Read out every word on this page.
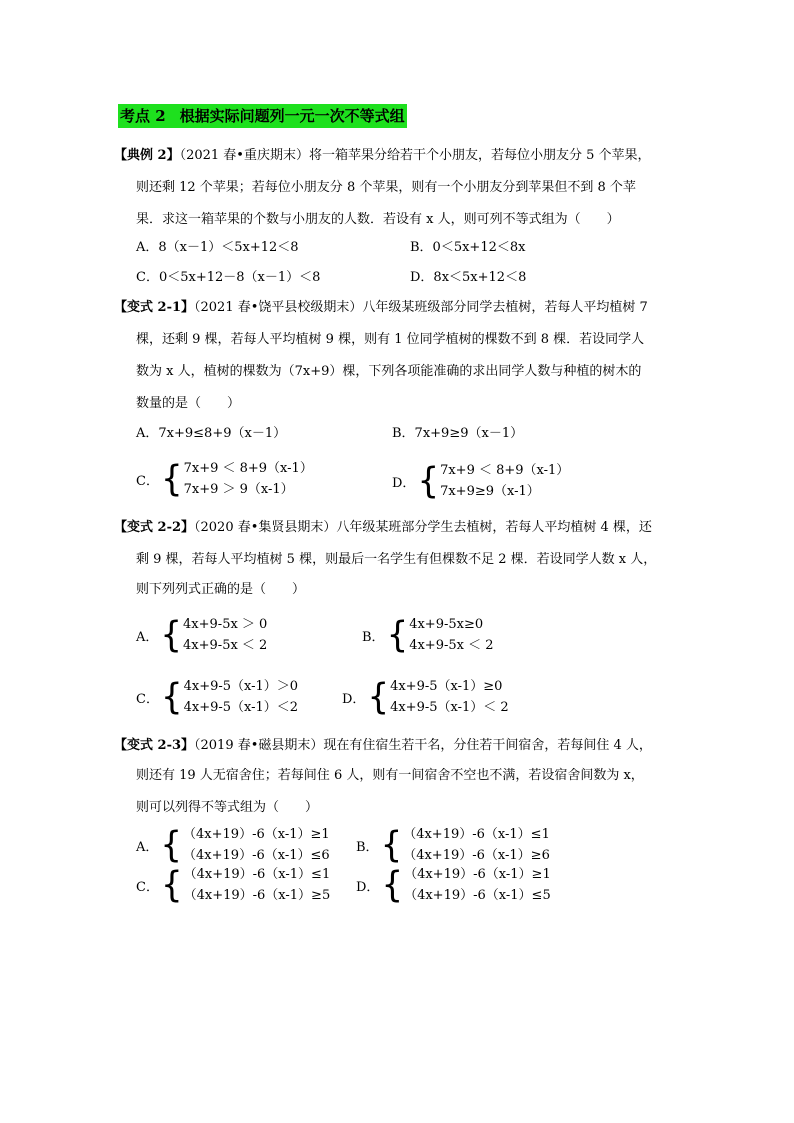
考点 2 根据实际问题列一元一次不等式组
【典例 2】（2021 春•重庆期末）将一箱苹果分给若干个小朋友，若每位小朋友分 5 个苹果，
则还剩 12 个苹果；若每位小朋友分 8 个苹果，则有一个小朋友分到苹果但不到 8 个苹
果．求这一箱苹果的个数与小朋友的人数．若设有 x 人，则可列不等式组为（　　）
A．8（x－1）＜5x+12＜8	B．0＜5x+12＜8x
C．0＜5x+12－8（x－1）＜8	D．8x＜5x+12＜8
【变式 2-1】（2021 春•饶平县校级期末）八年级某班级部分同学去植树，若每人平均植树 7
棵，还剩 9 棵，若每人平均植树 9 棵，则有 1 位同学植树的棵数不到 8 棵．若设同学人
数为 x 人，植树的棵数为（7x+9）棵，下列各项能准确的求出同学人数与种植的树木的
数量的是（　　）
A．7x+9≤8+9（x－1）	B．7x+9≥9（x－1）
C． { 7x+9 ＜ 8+9（x-1）
7x+9 ＞ 9（x-1）	D． { 7x+9 ＜ 8+9（x-1）
7x+9≥9（x-1）
【变式 2-2】（2020 春•集贤县期末）八年级某班部分学生去植树，若每人平均植树 4 棵，还
剩 9 棵，若每人平均植树 5 棵，则最后一名学生有但棵数不足 2 棵．若设同学人数 x 人，
则下列列式正确的是（　　）
A． { 4x+9-5x ＞ 0
4x+9-5x ＜ 2
B． { 4x+9-5x≥0
4x+9-5x ＜ 2
C． { 4x+9-5（x-1）＞0
4x+9-5（x-1）＜2
D． { 4x+9-5（x-1）≥0
4x+9-5（x-1）＜ 2
【变式 2-3】（2019 春•磁县期末）现在有住宿生若干名，分住若干间宿舍，若每间住 4 人，
则还有 19 人无宿舍住；若每间住 6 人，则有一间宿舍不空也不满，若设宿舍间数为 x，
则可以列得不等式组为（　　）
A． { （4x+19）-6（x-1）≥1
（4x+19）-6（x-1）≤6
B． { （4x+19）-6（x-1）≤1
（4x+19）-6（x-1）≥6
C． { （4x+19）-6（x-1）≤1
（4x+19）-6（x-1）≥5
D． { （4x+19）-6（x-1）≥1
（4x+19）-6（x-1）≤5
